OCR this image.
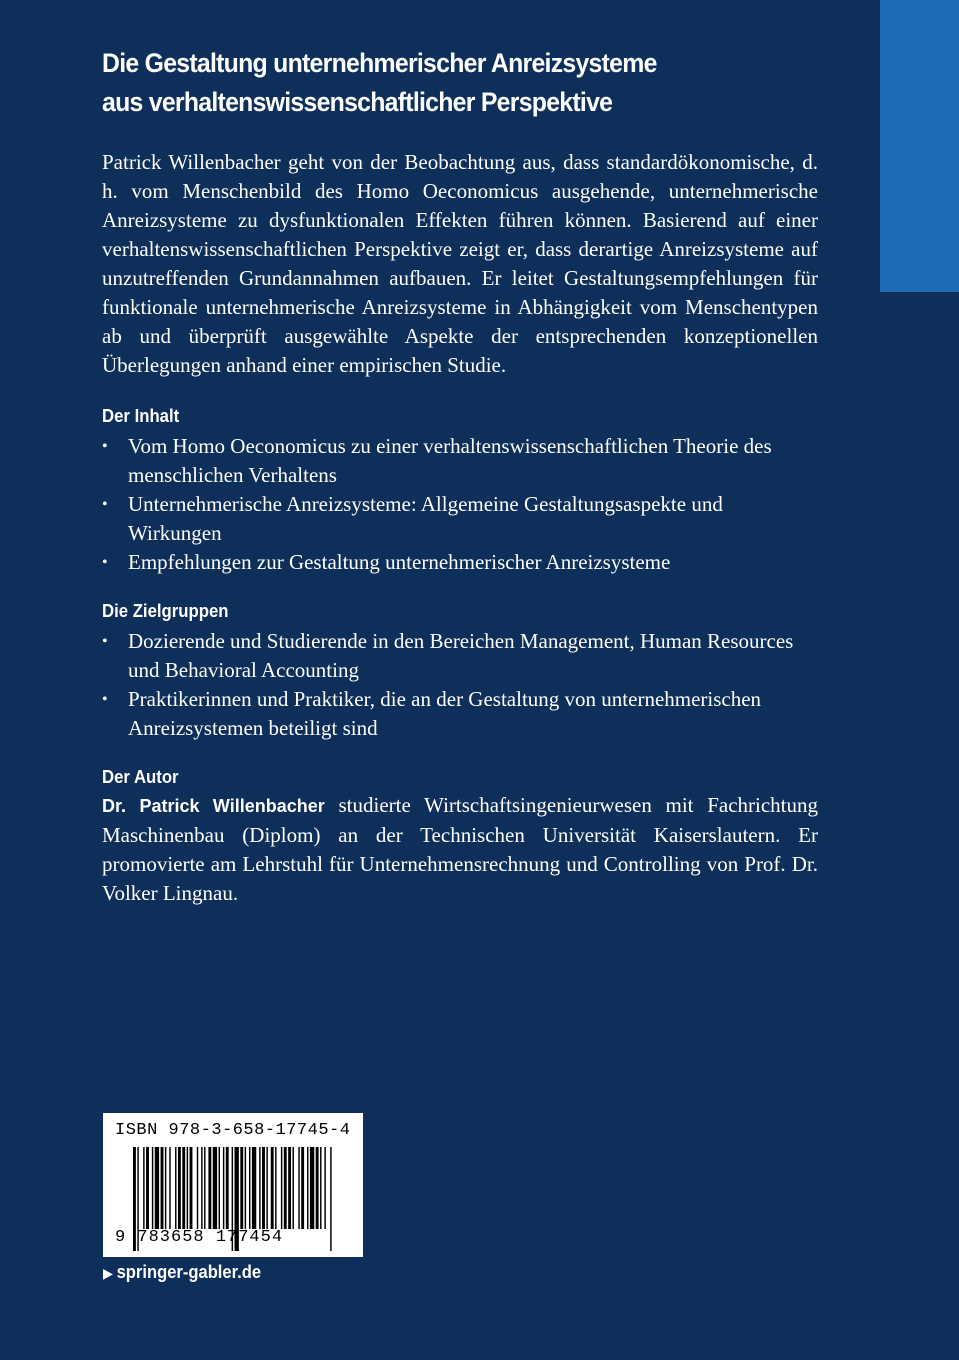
Die Gestaltung unternehmerischer Anreizsysteme
aus verhaltenswissenschaftlicher Perspektive

Patrick Willenbacher geht von der Beobachtung aus, dass standardökonomische, d. h. vom Menschenbild des Homo Oeconomicus ausgehende, unternehmerische Anreizsysteme zu dysfunktionalen Effekten führen können. Basierend auf einer verhaltenswissenschaftlichen Perspektive zeigt er, dass derartige Anreizsysteme auf unzutreffenden Grundannahmen aufbauen. Er leitet Gestaltungsempfehlungen für funktionale unternehmerische Anreizsysteme in Abhängigkeit vom Menschentypen ab und überprüft ausgewählte Aspekte der entsprechenden konzeptionellen Überlegungen anhand einer empirischen Studie.

Der Inhalt
• Vom Homo Oeconomicus zu einer verhaltenswissenschaftlichen Theorie des menschlichen Verhaltens
• Unternehmerische Anreizsysteme: Allgemeine Gestaltungsaspekte und Wirkungen
• Empfehlungen zur Gestaltung unternehmerischer Anreizsysteme
Die Zielgruppen
• Dozierende und Studierende in den Bereichen Management, Human Resources und Behavioral Accounting
• Praktikerinnen und Praktiker, die an der Gestaltung von unternehmerischen Anreizsystemen beteiligt sind
Der Autor

Dr. Patrick Willenbacher studierte Wirtschaftsingenieurwesen mit Fachrichtung Maschinenbau (Diplom) an der Technischen Universität Kaiserslautern. Er promovierte am Lehrstuhl für Unternehmensrechnung und Controlling von Prof. Dr. Volker Lingnau.

ISBN 978-3-658-17745-4
9 783658 177454
▶ springer-gabler.de
